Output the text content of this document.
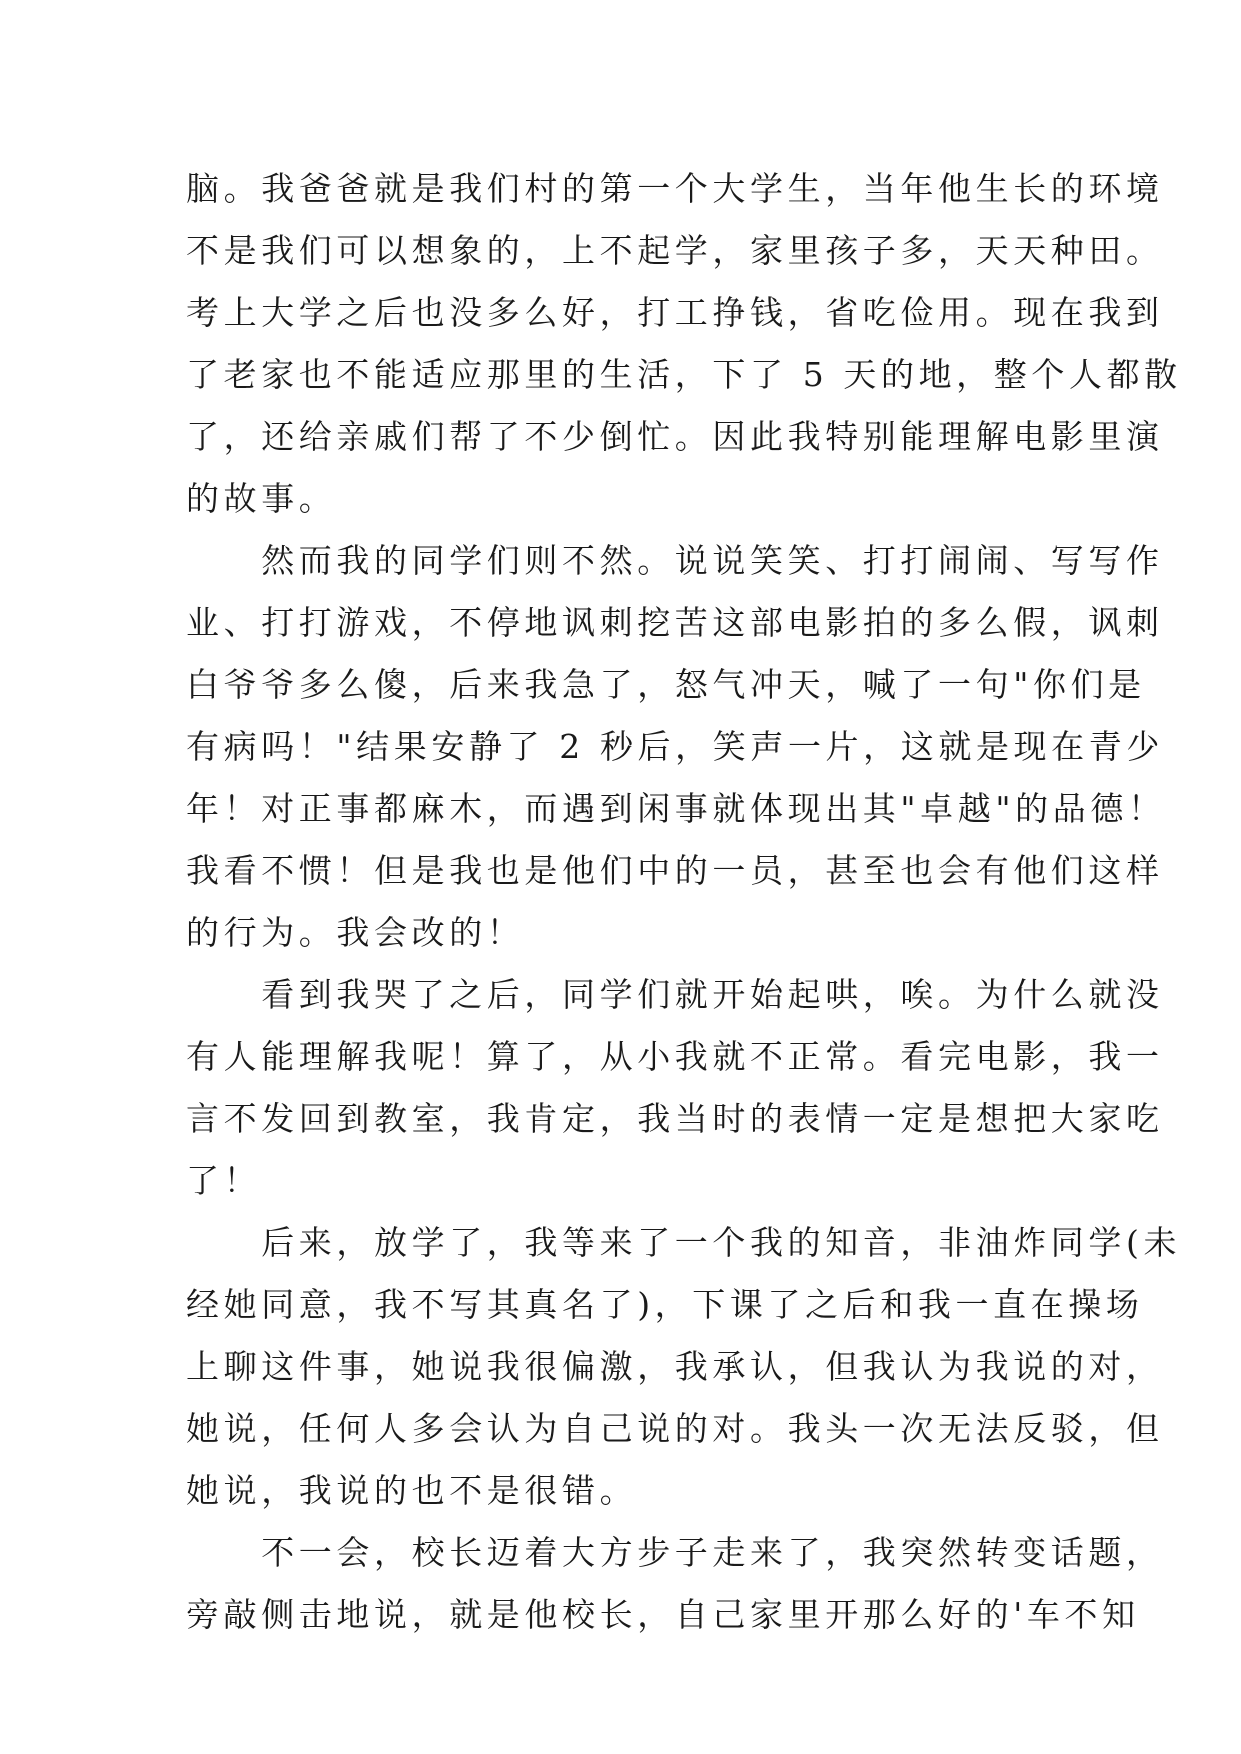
脑。我爸爸就是我们村的第一个大学生，当年他生长的环境
不是我们可以想象的，上不起学，家里孩子多，天天种田。
考上大学之后也没多么好，打工挣钱，省吃俭用。现在我到
了老家也不能适应那里的生活，下了 5 天的地，整个人都散
了，还给亲戚们帮了不少倒忙。因此我特别能理解电影里演
的故事。
　　然而我的同学们则不然。说说笑笑、打打闹闹、写写作
业、打打游戏，不停地讽刺挖苦这部电影拍的多么假，讽刺
白爷爷多么傻，后来我急了，怒气冲天，喊了一句"你们是
有病吗！"结果安静了 2 秒后，笑声一片，这就是现在青少
年！对正事都麻木，而遇到闲事就体现出其"卓越"的品德！
我看不惯！但是我也是他们中的一员，甚至也会有他们这样
的行为。我会改的！
　　看到我哭了之后，同学们就开始起哄，唉。为什么就没
有人能理解我呢！算了，从小我就不正常。看完电影，我一
言不发回到教室，我肯定，我当时的表情一定是想把大家吃
了！
　　后来，放学了，我等来了一个我的知音，非油炸同学(未
经她同意，我不写其真名了)，下课了之后和我一直在操场
上聊这件事，她说我很偏激，我承认，但我认为我说的对，
她说，任何人多会认为自己说的对。我头一次无法反驳，但
她说，我说的也不是很错。
　　不一会，校长迈着大方步子走来了，我突然转变话题，
旁敲侧击地说，就是他校长，自己家里开那么好的'车不知
